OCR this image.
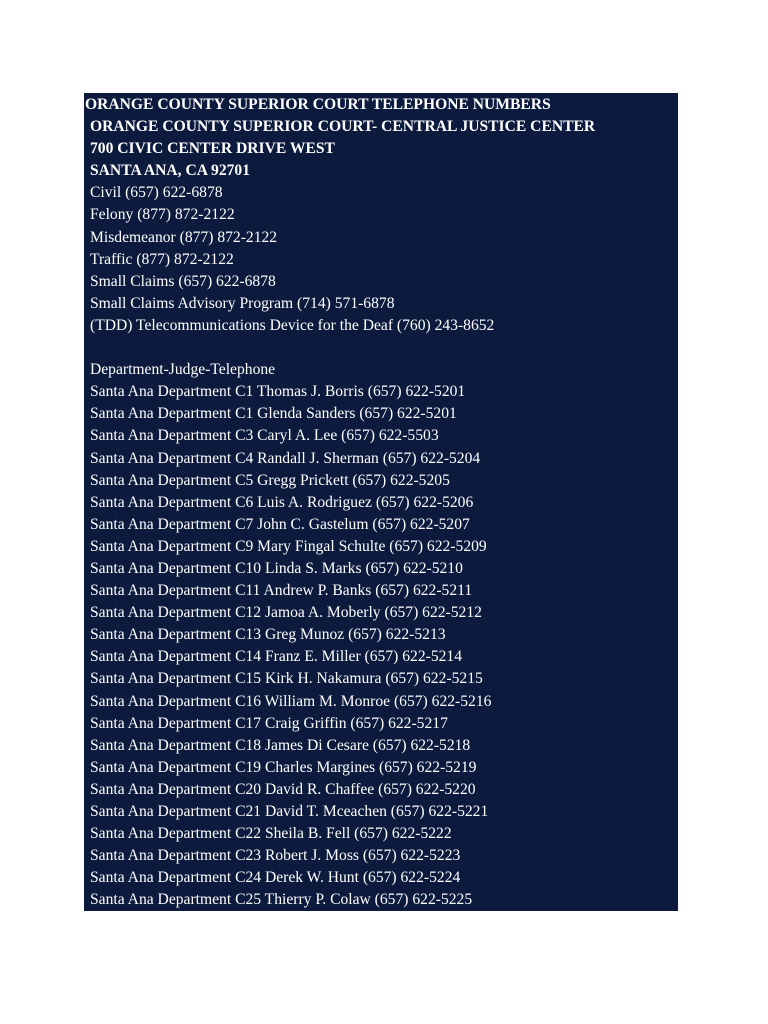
ORANGE COUNTY SUPERIOR COURT TELEPHONE NUMBERS
ORANGE COUNTY SUPERIOR COURT- CENTRAL JUSTICE CENTER
700 CIVIC CENTER DRIVE WEST
SANTA ANA, CA 92701
Civil (657) 622-6878
Felony (877) 872-2122
Misdemeanor (877) 872-2122
Traffic (877) 872-2122
Small Claims (657) 622-6878
Small Claims Advisory Program (714) 571-6878
(TDD) Telecommunications Device for the Deaf (760) 243-8652
Department-Judge-Telephone
Santa Ana Department C1 Thomas J. Borris (657) 622-5201
Santa Ana Department C1 Glenda Sanders (657) 622-5201
Santa Ana Department C3 Caryl A. Lee (657) 622-5503
Santa Ana Department C4 Randall J. Sherman (657) 622-5204
Santa Ana Department C5 Gregg Prickett (657) 622-5205
Santa Ana Department C6 Luis A. Rodriguez (657) 622-5206
Santa Ana Department C7 John C. Gastelum (657) 622-5207
Santa Ana Department C9 Mary Fingal Schulte (657) 622-5209
Santa Ana Department C10 Linda S. Marks (657) 622-5210
Santa Ana Department C11 Andrew P. Banks (657) 622-5211
Santa Ana Department C12 Jamoa A. Moberly (657) 622-5212
Santa Ana Department C13 Greg Munoz (657) 622-5213
Santa Ana Department C14 Franz E. Miller (657) 622-5214
Santa Ana Department C15 Kirk H. Nakamura (657) 622-5215
Santa Ana Department C16 William M. Monroe (657) 622-5216
Santa Ana Department C17 Craig Griffin (657) 622-5217
Santa Ana Department C18 James Di Cesare (657) 622-5218
Santa Ana Department C19 Charles Margines (657) 622-5219
Santa Ana Department C20 David R. Chaffee (657) 622-5220
Santa Ana Department C21 David T. Mceachen (657) 622-5221
Santa Ana Department C22 Sheila B. Fell (657) 622-5222
Santa Ana Department C23 Robert J. Moss (657) 622-5223
Santa Ana Department C24 Derek W. Hunt (657) 622-5224
Santa Ana Department C25 Thierry P. Colaw (657) 622-5225
